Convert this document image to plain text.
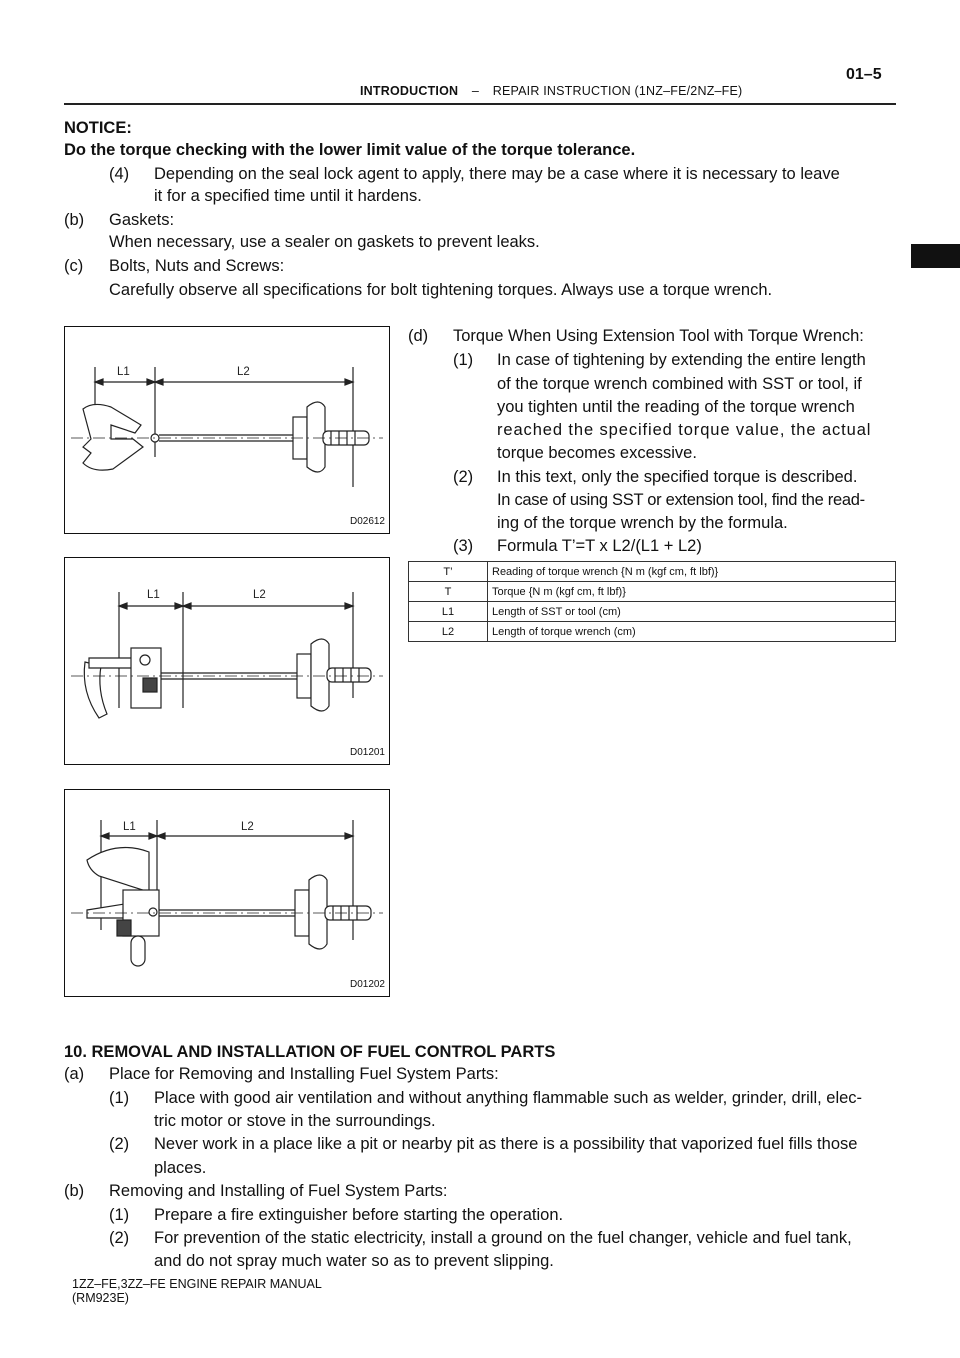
01–5
INTRODUCTION – REPAIR INSTRUCTION (1NZ–FE/2NZ–FE)
NOTICE:
Do the torque checking with the lower limit value of the torque tolerance.
(4) Depending on the seal lock agent to apply, there may be a case where it is necessary to leave
it for a specified time until it hardens.
(b) Gaskets:
When necessary, use a sealer on gaskets to prevent leaks.
(c) Bolts, Nuts and Screws:
Carefully observe all specifications for bolt tightening torques. Always use a torque wrench.
(d) Torque When Using Extension Tool with Torque Wrench:
(1) In case of tightening by extending the entire length
of the torque wrench combined with SST or tool, if
you tighten until the reading of the torque wrench
reached the specified torque value, the actual
torque becomes excessive.
(2) In this text, only the specified torque is described.
In case of using SST or extension tool, find the read-
ing of the torque wrench by the formula.
(3) Formula T’=T x L2/(L1 + L2)
T’	Reading of torque wrench {N m (kgf cm, ft lbf)}
T	Torque {N m (kgf cm, ft lbf)}
L1	Length of SST or tool (cm)
L2	Length of torque wrench (cm)
L1	L2
D02612
L1	L2
D01201
L1	L2
D01202
10. REMOVAL AND INSTALLATION OF FUEL CONTROL PARTS
(a) Place for Removing and Installing Fuel System Parts:
(1) Place with good air ventilation and without anything flammable such as welder, grinder, drill, elec-
tric motor or stove in the surroundings.
(2) Never work in a place like a pit or nearby pit as there is a possibility that vaporized fuel fills those
places.
(b) Removing and Installing of Fuel System Parts:
(1) Prepare a fire extinguisher before starting the operation.
(2) For prevention of the static electricity, install a ground on the fuel changer, vehicle and fuel tank,
and do not spray much water so as to prevent slipping.
1ZZ–FE,3ZZ–FE ENGINE REPAIR MANUAL
(RM923E)
